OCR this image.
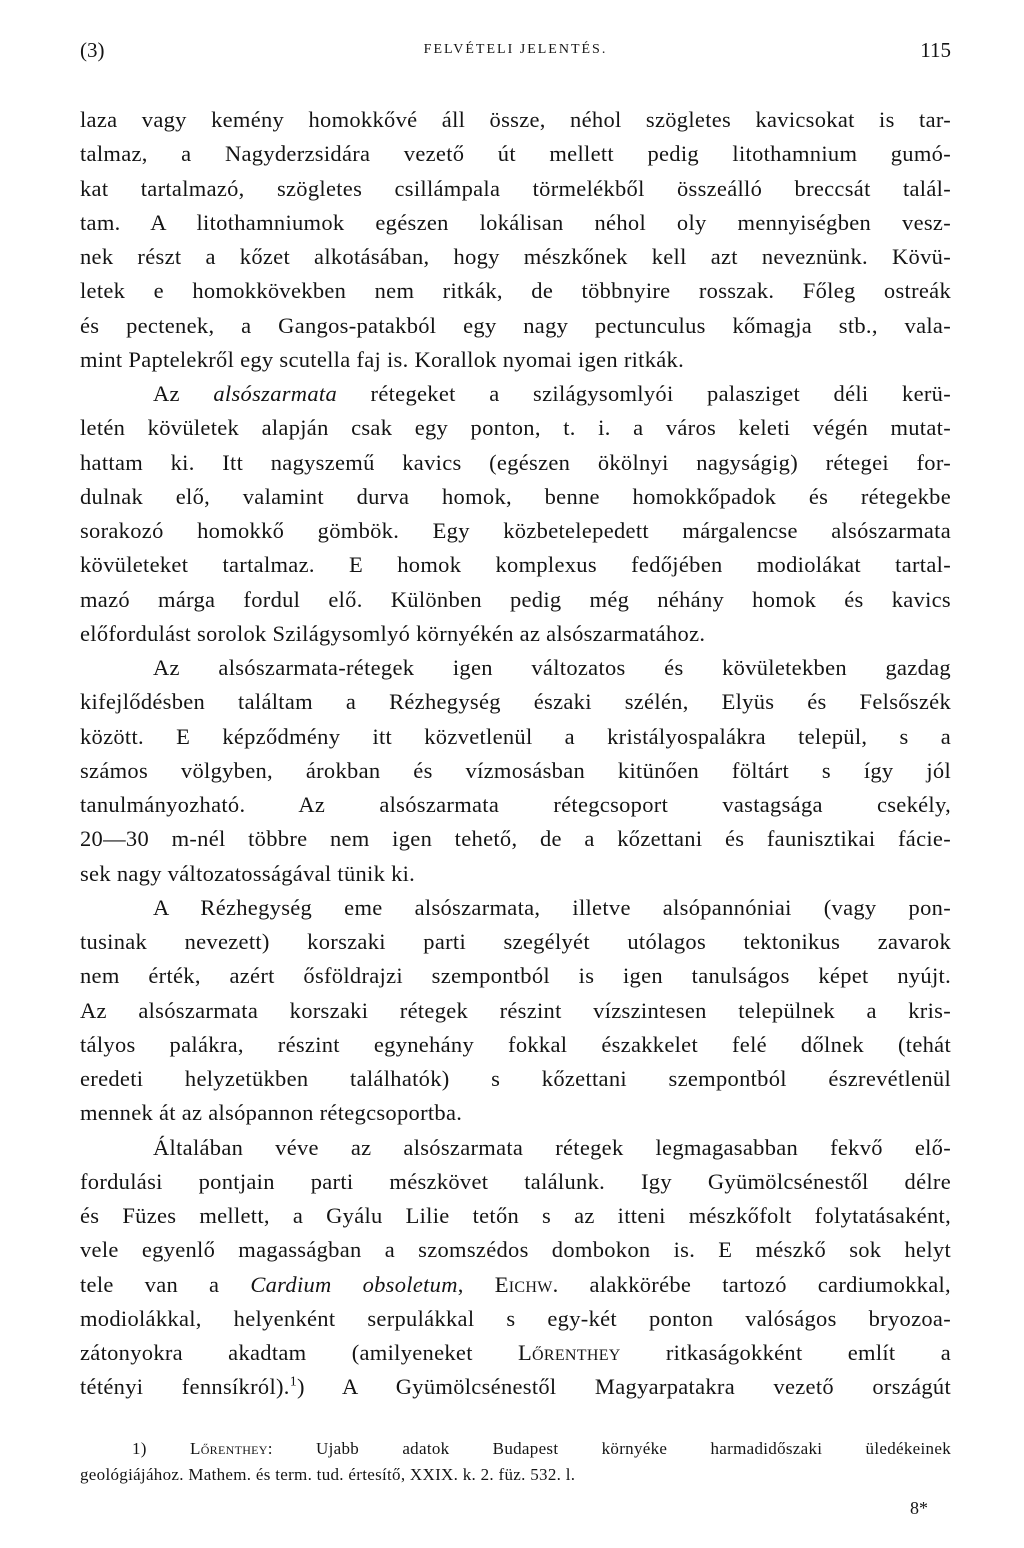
(3)	FELVÉTELI JELENTÉS.	115
laza vagy kemény homokkővé áll össze, néhol szögletes kavicsokat is tar-
talmaz, a Nagyderzsidára vezető út mellett pedig litothamnium gumó-
kat tartalmazó, szögletes csillámpala törmelékből összeálló breccsát talál-
tam. A litothamniumok egészen lokálisan néhol oly mennyiségben vesz-
nek részt a kőzet alkotásában, hogy mészkőnek kell azt neveznünk. Kövü-
letek e homokkövekben nem ritkák, de többnyire rosszak. Főleg ostreák
és pectenek, a Gangos-patakból egy nagy pectunculus kőmagja stb., vala-
mint Paptelekről egy scutella faj is. Korallok nyomai igen ritkák.
Az alsószarmata rétegeket a szilágysomlyói palasziget déli kerü-
letén kövületek alapján csak egy ponton, t. i. a város keleti végén mutat-
hattam ki. Itt nagyszemű kavics (egészen ökölnyi nagyságig) rétegei for-
dulnak elő, valamint durva homok, benne homokkőpadok és rétegekbe
sorakozó homokkő gömbök. Egy közbetelepedett márgalencse alsószarmata
kövületeket tartalmaz. E homok komplexus fedőjében modiolákat tartal-
mazó márga fordul elő. Különben pedig még néhány homok és kavics
előfordulást sorolok Szilágysomlyó környékén az alsószarmatához.
Az alsószarmata-rétegek igen változatos és kövületekben gazdag
kifejlődésben találtam a Rézhegység északi szélén, Elyüs és Felsőszék
között. E képződmény itt közvetlenül a kristályospalákra települ, s a
számos völgyben, árokban és vízmosásban kitünően föltárt s így jól
tanulmányozható. Az alsószarmata rétegcsoport vastagsága csekély,
20—30 m-nél többre nem igen tehető, de a kőzettani és faunisztikai fácie-
sek nagy változatosságával tünik ki.
A Rézhegység eme alsószarmata, illetve alsópannóniai (vagy pon-
tusinak nevezett) korszaki parti szegélyét utólagos tektonikus zavarok
nem érték, azért ősföldrajzi szempontból is igen tanulságos képet nyújt.
Az alsószarmata korszaki rétegek részint vízszintesen települnek a kris-
tályos palákra, részint egynehány fokkal északkelet felé dőlnek (tehát
eredeti helyzetükben találhatók) s kőzettani szempontból észrevétlenül
mennek át az alsópannon rétegcsoportba.
Általában véve az alsószarmata rétegek legmagasabban fekvő elő-
fordulási pontjain parti mészkövet találunk. Igy Gyümölcsénestől délre
és Füzes mellett, a Gyálu Lilie tetőn s az itteni mészkőfolt folytatásaként,
vele egyenlő magasságban a szomszédos dombokon is. E mészkő sok helyt
tele van a Cardium obsoletum, Eichw. alakkörébe tartozó cardiumokkal,
modiolákkal, helyenként serpulákkal s egy-két ponton valóságos bryozoa-
zátonyokra akadtam (amilyeneket Lőrenthey ritkaságokként említ a
tétényi fennsíkról).$^1$) A Gyümölcsénestől Magyarpatakra vezető országút
1)	Lőrenthey: Ujabb adatok Budapest környéke harmadidőszaki üledékeinek
geológiájához. Mathem. és term. tud. értesítő, XXIX. k. 2. füz. 532. l.
8*
